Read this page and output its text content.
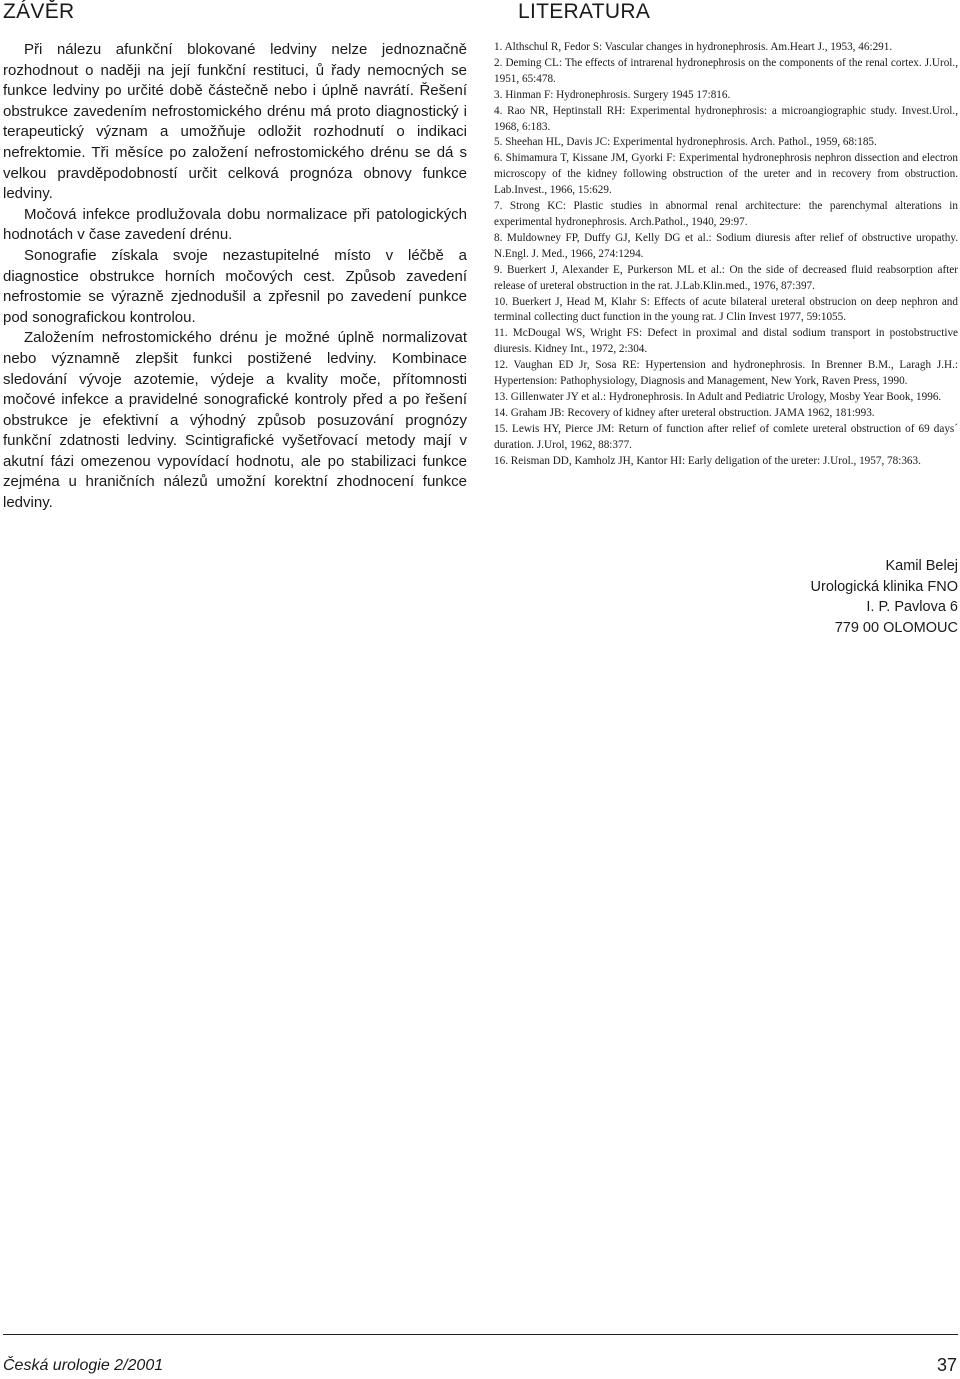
ZÁVĚR

Při nálezu afunkční blokované ledviny nelze jednoznačně rozhodnout o naději na její funkční restituci, ů řady nemocných se funkce ledviny po určité době částečně nebo i úplně navrátí. Řešení obstrukce zavedením nefrostomického drénu má proto diagnostický i terapeutický význam a umožňuje odložit rozhodnutí o indikaci nefrektomie. Tři měsíce po založení nefrostomického drénu se dá s velkou pravděpodobností určit celková prognóza obnovy funkce ledviny.

Močová infekce prodlužovala dobu normalizace při patologických hodnotách v čase zavedení drénu.

Sonografie získala svoje nezastupitelné místo v léčbě a diagnostice obstrukce horních močových cest. Způsob zavedení nefrostomie se výrazně zjednodušil a zpřesnil po zavedení punkce pod sonografickou kontrolou.

Založením nefrostomického drénu je možné úplně normalizovat nebo významně zlepšit funkci postižené ledviny. Kombinace sledování vývoje azotemie, výdeje a kvality moče, přítomnosti močové infekce a pravidelné sonografické kontroly před a po řešení obstrukce je efektivní a výhodný způsob posuzování prognózy funkční zdatnosti ledviny. Scintigrafické vyšetřovací metody mají v akutní fázi omezenou vypovídací hodnotu, ale po stabilizaci funkce zejména u hraničních nálezů umožní korektní zhodnocení funkce ledviny.

LITERATURA

1. Althschul R, Fedor S: Vascular changes in hydronephrosis. Am.Heart J., 1953, 46:291.

2. Deming CL: The effects of intrarenal hydronephrosis on the components of the renal cortex. J.Urol., 1951, 65:478.

3. Hinman F: Hydronephrosis. Surgery 1945 17:816.

4. Rao NR, Heptinstall RH: Experimental hydronephrosis: a microangiographic study. Invest.Urol., 1968, 6:183.

5. Sheehan HL, Davis JC: Experimental hydronephrosis. Arch. Pathol., 1959, 68:185.

6. Shimamura T, Kissane JM, Gyorki F: Experimental hydronephrosis nephron dissection and electron microscopy of the kidney following obstruction of the ureter and in recovery from obstruction. Lab.Invest., 1966, 15:629.

7. Strong KC: Plastic studies in abnormal renal architecture: the parenchymal alterations in experimental hydronephrosis. Arch.Pathol., 1940, 29:97.

8. Muldowney FP, Duffy GJ, Kelly DG et al.: Sodium diuresis after relief of obstructive uropathy. N.Engl. J. Med., 1966, 274:1294.

9. Buerkert J, Alexander E, Purkerson ML et al.: On the side of decreased fluid reabsorption after release of ureteral obstruction in the rat. J.Lab.Klin.med., 1976, 87:397.

10. Buerkert J, Head M, Klahr S: Effects of acute bilateral ureteral obstrucion on deep nephron and terminal collecting duct function in the young rat. J Clin Invest 1977, 59:1055.

11. McDougal WS, Wright FS: Defect in proximal and distal sodium transport in postobstructive diuresis. Kidney Int., 1972, 2:304.

12. Vaughan ED Jr, Sosa RE: Hypertension and hydronephrosis. In Brenner B.M., Laragh J.H.: Hypertension: Pathophysiology, Diagnosis and Management, New York, Raven Press, 1990.

13. Gillenwater JY et al.: Hydronephrosis. In Adult and Pediatric Urology, Mosby Year Book, 1996.

14. Graham JB: Recovery of kidney after ureteral obstruction. JAMA 1962, 181:993.

15. Lewis HY, Pierce JM: Return of function after relief of comlete ureteral obstruction of 69 days´ duration. J.Urol, 1962, 88:377.

16. Reisman DD, Kamholz JH, Kantor HI: Early deligation of the ureter: J.Urol., 1957, 78:363.

Kamil Belej
Urologická klinika FNO
I. P. Pavlova 6
779 00 OLOMOUC
Česká urologie 2/2001	37
